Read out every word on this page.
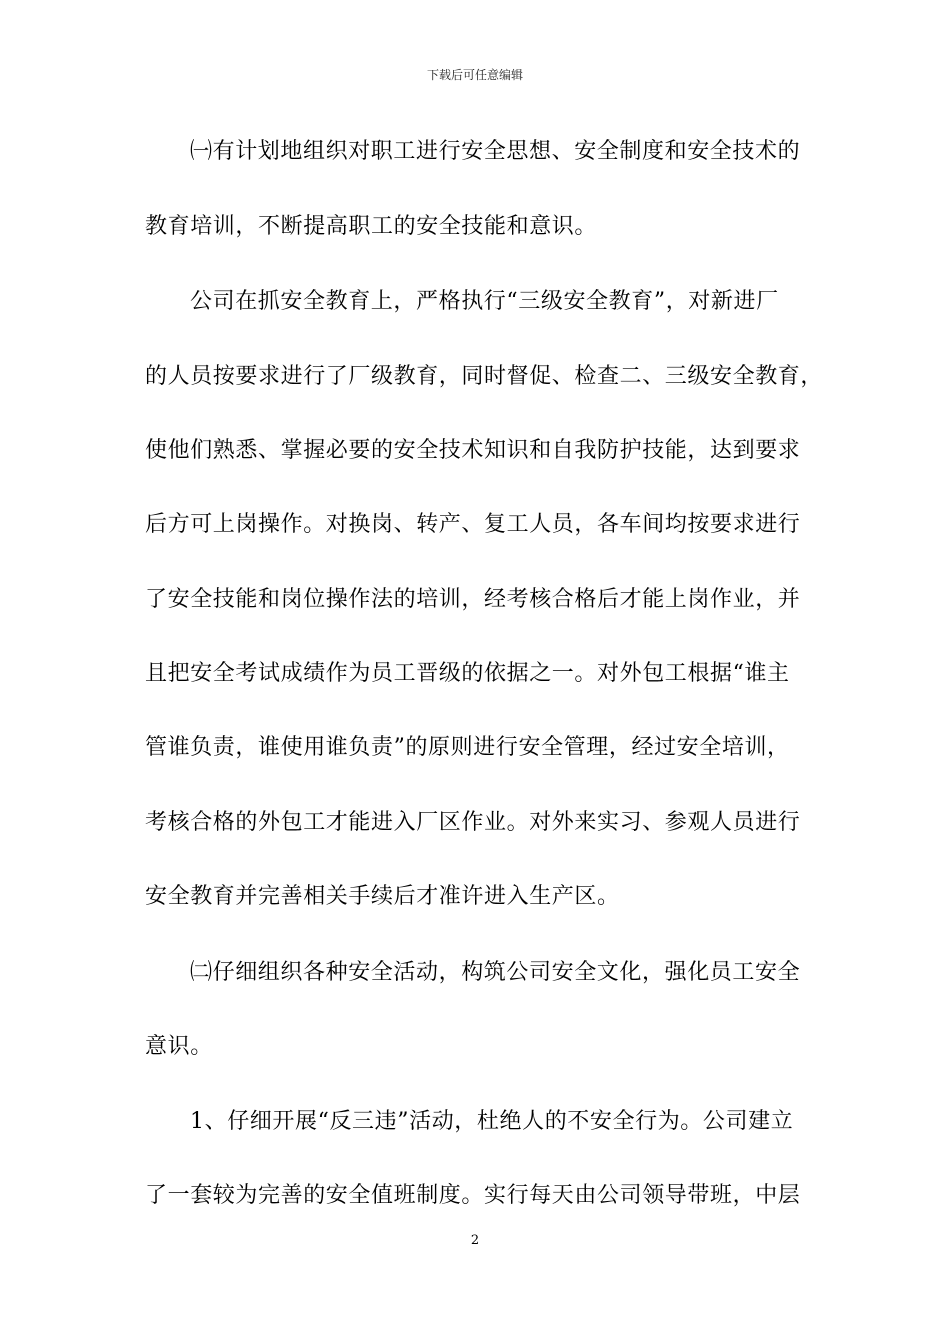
下载后可任意编辑
㈠有计划地组织对职工进行安全思想、安全制度和安全技术的
教育培训，不断提高职工的安全技能和意识。
公司在抓安全教育上，严格执行“三级安全教育”，对新进厂
的人员按要求进行了厂级教育，同时督促、检查二、三级安全教育，
使他们熟悉、掌握必要的安全技术知识和自我防护技能，达到要求
后方可上岗操作。对换岗、转产、复工人员，各车间均按要求进行
了安全技能和岗位操作法的培训，经考核合格后才能上岗作业，并
且把安全考试成绩作为员工晋级的依据之一。对外包工根据“谁主
管谁负责，谁使用谁负责”的原则进行安全管理，经过安全培训，
考核合格的外包工才能进入厂区作业。对外来实习、参观人员进行
安全教育并完善相关手续后才准许进入生产区。
㈡仔细组织各种安全活动，构筑公司安全文化，强化员工安全
意识。
1、仔细开展“反三违”活动，杜绝人的不安全行为。公司建立
了一套较为完善的安全值班制度。实行每天由公司领导带班，中层
2
